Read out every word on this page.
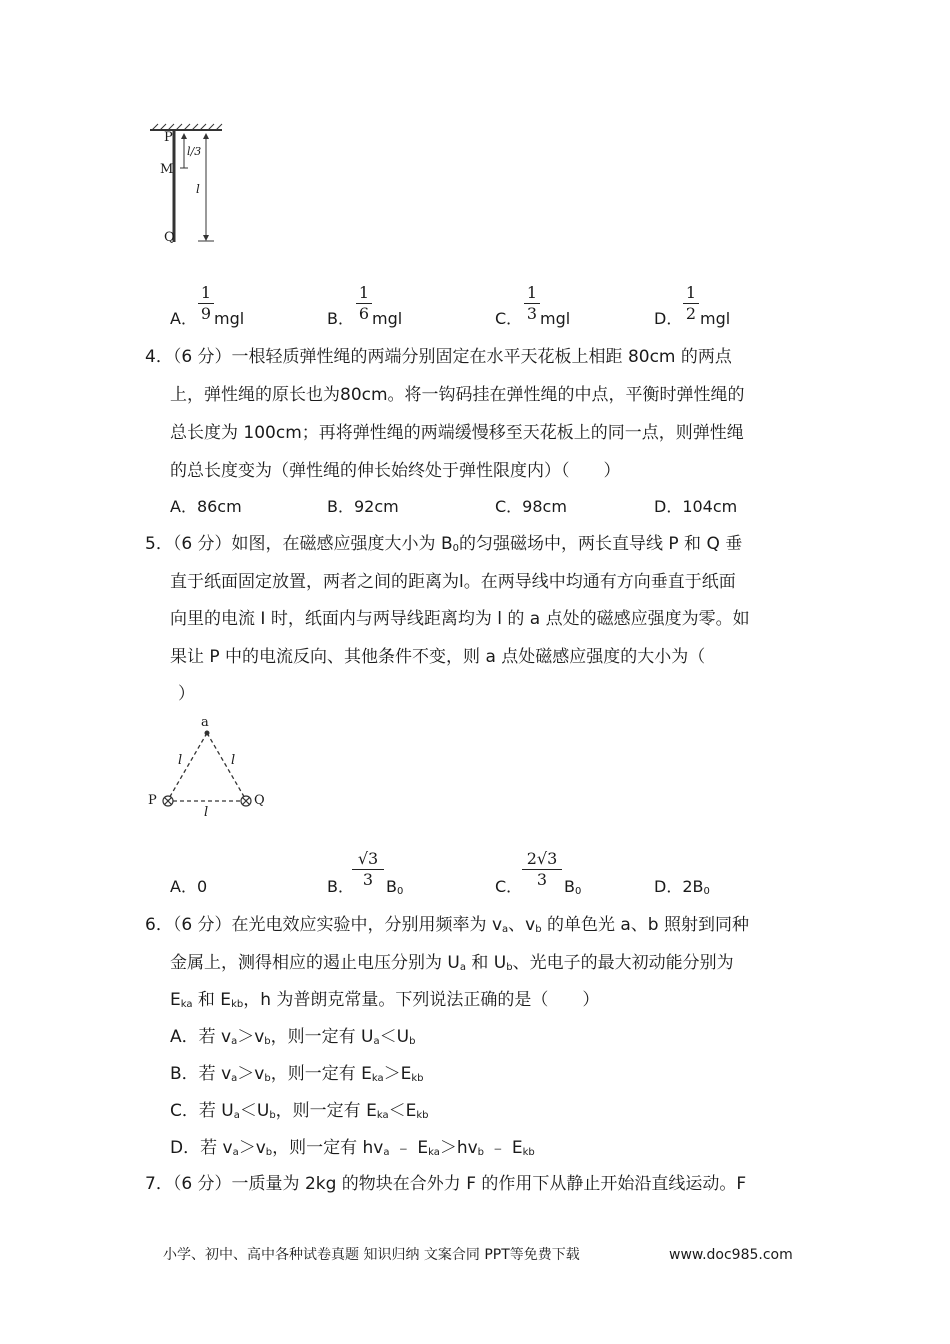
P
M
Q
l/3
l
A．
1
9 mgl	B．
1
6 mgl	C．
1
3 mgl	D．
1
2 mgl
4．（6 分）一根轻质弹性绳的两端分别固定在水平天花板上相距 80cm 的两点
上，弹性绳的原长也为80cm。将一钩码挂在弹性绳的中点，平衡时弹性绳的
总长度为 100cm；再将弹性绳的两端缓慢移至天花板上的同一点，则弹性绳
的总长度变为（弹性绳的伸长始终处于弹性限度内）（　　）
A．86cm	B．92cm	C．98cm	D．104cm
5．（6 分）如图，在磁感应强度大小为 $B_0$的匀强磁场中，两长直导线 P 和 Q 垂
直于纸面固定放置，两者之间的距离为l。在两导线中均通有方向垂直于纸面
向里的电流 I 时，纸面内与两导线距离均为 l 的 a 点处的磁感应强度为零。如
果让 P 中的电流反向、其他条件不变，则 a 点处磁感应强度的大小为（
）
a
P	Q
l	l
l
A．0	B．
√3
3 $B_0$	C．
2√3
3	$B_0$	D．$2B_0$
6．（6 分）在光电效应实验中，分别用频率为 $v_a$、$v_b$ 的单色光 a、b 照射到同种
金属上，测得相应的遏止电压分别为 $U_a$ 和 $U_b$、光电子的最大初动能分别为
$E_{ka}$ 和 $E_{kb}$，h 为普朗克常量。下列说法正确的是（　　）
A．若 $v_a>v_b$，则一定有 $U_a<U_b$
B．若 $v_a>v_b$，则一定有 $E_{ka}>E_{kb}$
C．若 $U_a<U_b$，则一定有 $E_{ka}<E_{kb}$
D．若 $v_a>v_b$，则一定有 $hv_a$ ﹣ $E_{ka}>hv_b$ ﹣ $E_{kb}$
7．（6 分）一质量为 2kg 的物块在合外力 F 的作用下从静止开始沿直线运动。F
小学、初中、高中各种试卷真题 知识归纳 文案合同 PPT等免费下载	www.doc985.com
